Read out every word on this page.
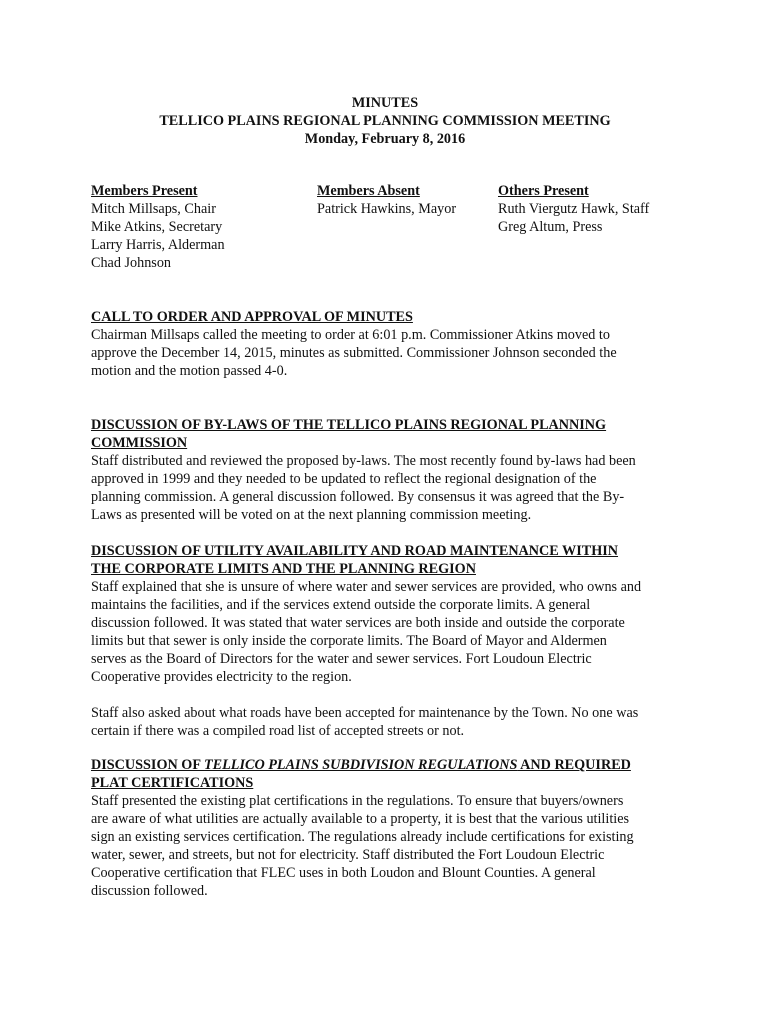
MINUTES
TELLICO PLAINS REGIONAL PLANNING COMMISSION MEETING
Monday, February 8, 2016
Members Present
Mitch Millsaps, Chair
Mike Atkins, Secretary
Larry Harris, Alderman
Chad Johnson
Members Absent
Patrick Hawkins, Mayor
Others Present
Ruth Viergutz Hawk, Staff
Greg Altum, Press
CALL TO ORDER AND APPROVAL OF MINUTES

Chairman Millsaps called the meeting to order at 6:01 p.m. Commissioner Atkins moved to

approve the December 14, 2015, minutes as submitted. Commissioner Johnson seconded the

motion and the motion passed 4-0.

DISCUSSION OF BY-LAWS OF THE TELLICO PLAINS REGIONAL PLANNING
COMMISSION

Staff distributed and reviewed the proposed by-laws. The most recently found by-laws had been

approved in 1999 and they needed to be updated to reflect the regional designation of the

planning commission. A general discussion followed. By consensus it was agreed that the By-

Laws as presented will be voted on at the next planning commission meeting.

DISCUSSION OF UTILITY AVAILABILITY AND ROAD MAINTENANCE WITHIN
THE CORPORATE LIMITS AND THE PLANNING REGION

Staff explained that she is unsure of where water and sewer services are provided, who owns and

maintains the facilities, and if the services extend outside the corporate limits. A general

discussion followed. It was stated that water services are both inside and outside the corporate

limits but that sewer is only inside the corporate limits. The Board of Mayor and Aldermen

serves as the Board of Directors for the water and sewer services. Fort Loudoun Electric

Cooperative provides electricity to the region.

Staff also asked about what roads have been accepted for maintenance by the Town. No one was

certain if there was a compiled road list of accepted streets or not.

DISCUSSION OF TELLICO PLAINS SUBDIVISION REGULATIONS AND REQUIRED
PLAT CERTIFICATIONS

Staff presented the existing plat certifications in the regulations. To ensure that buyers/owners

are aware of what utilities are actually available to a property, it is best that the various utilities

sign an existing services certification. The regulations already include certifications for existing

water, sewer, and streets, but not for electricity. Staff distributed the Fort Loudoun Electric

Cooperative certification that FLEC uses in both Loudon and Blount Counties. A general

discussion followed.
